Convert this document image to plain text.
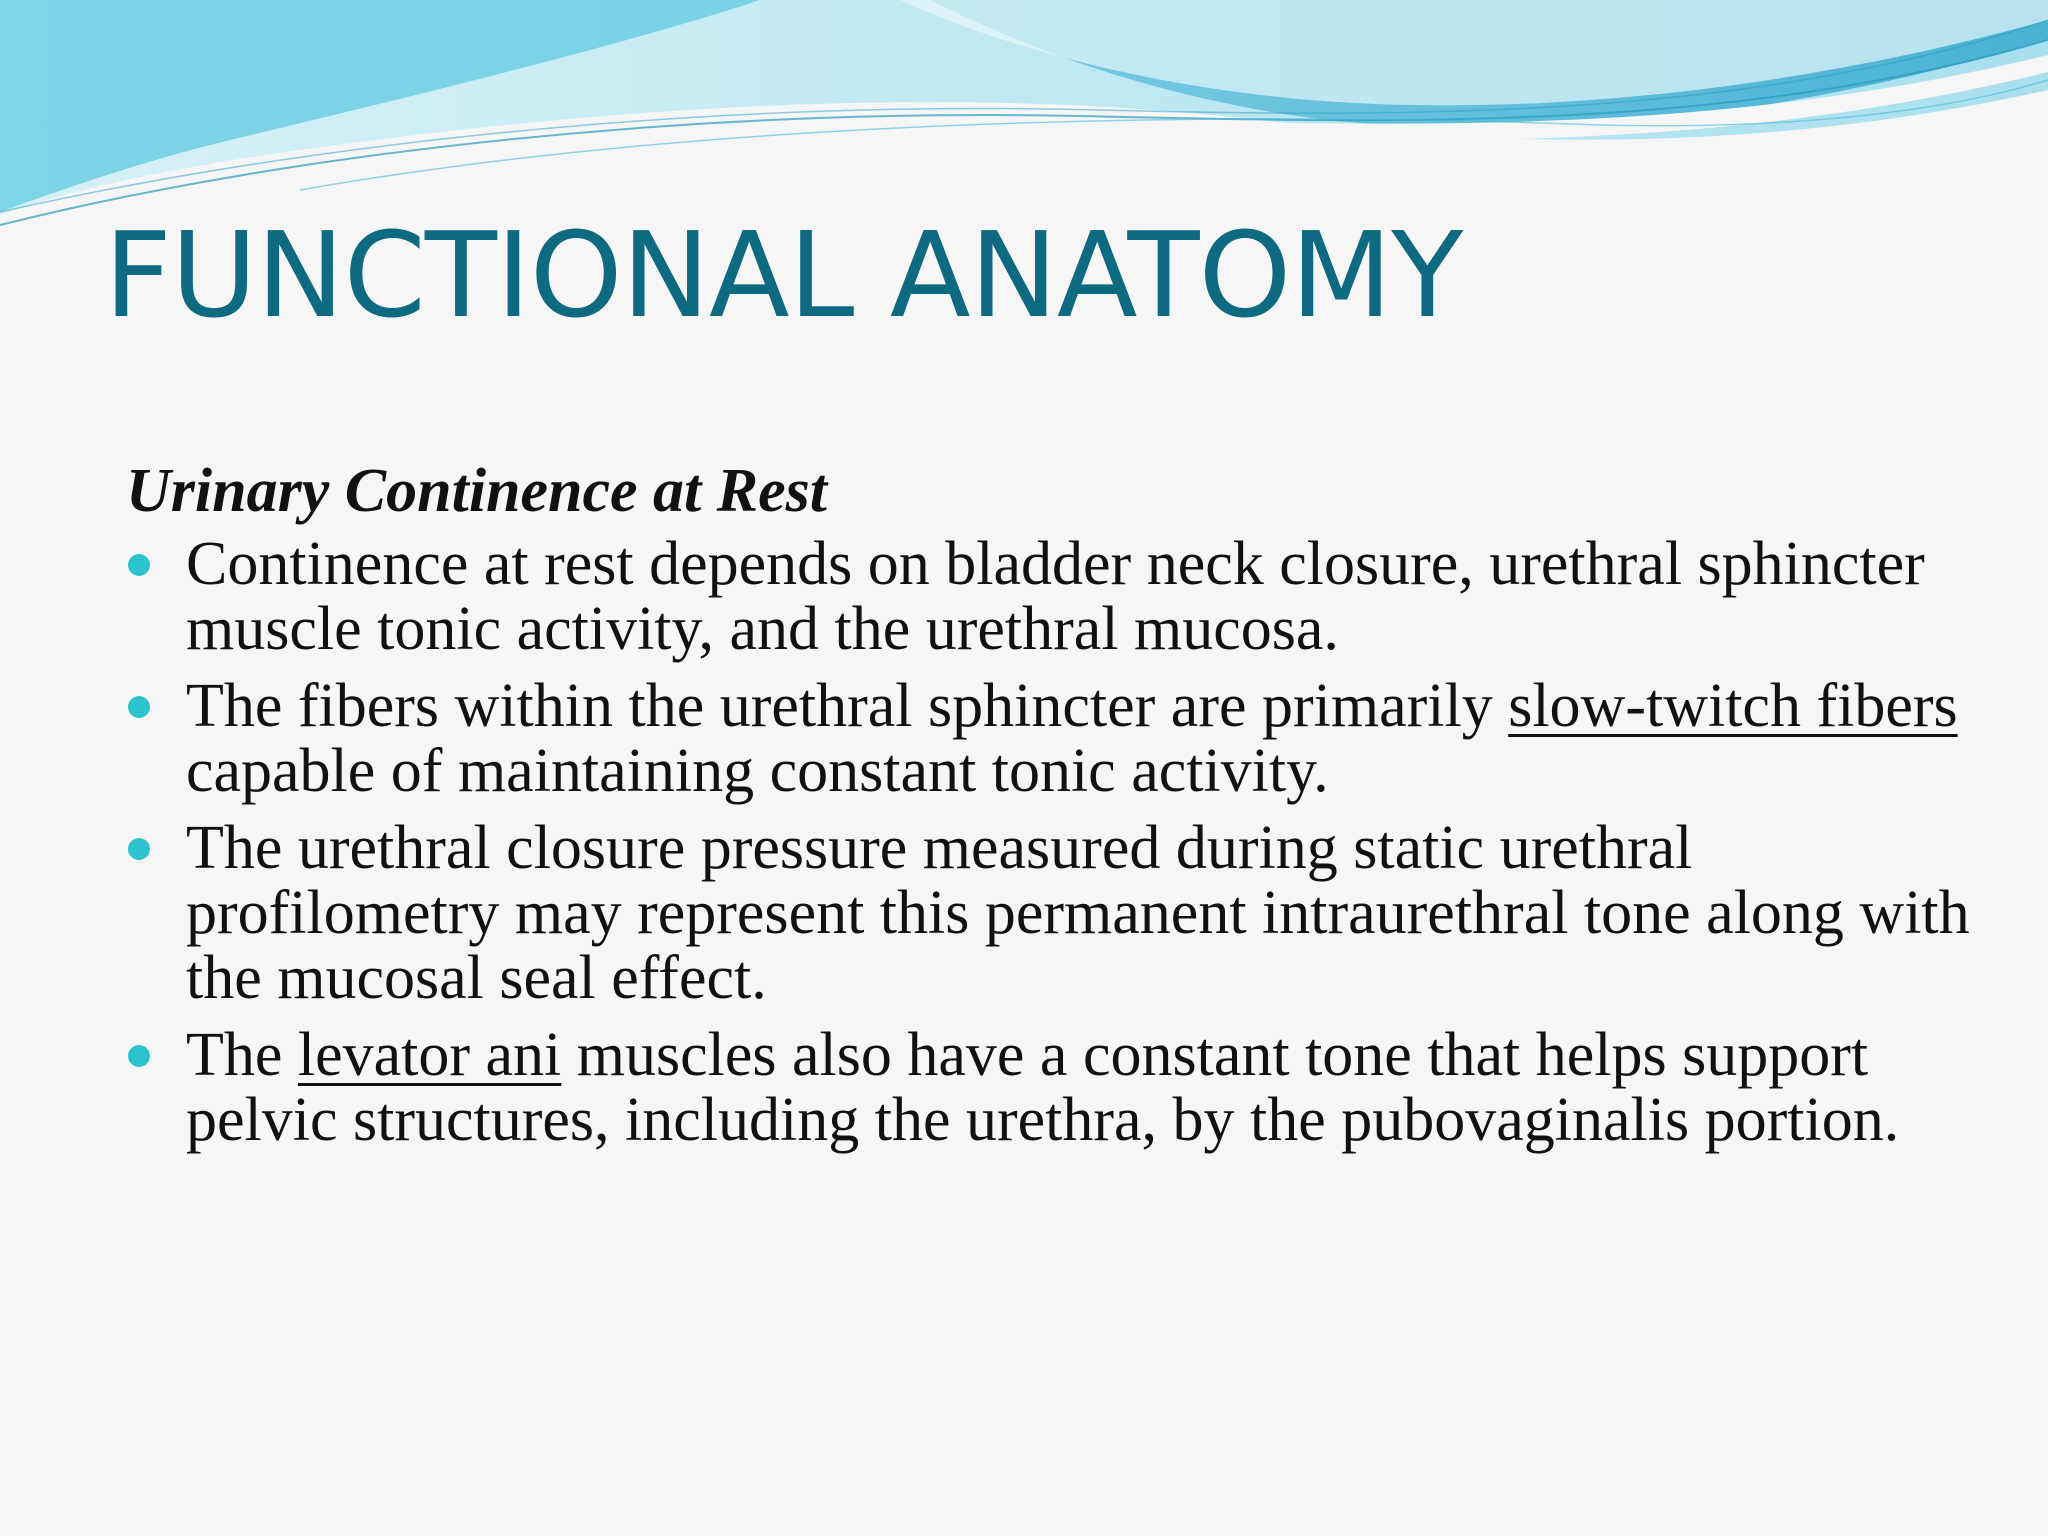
FUNCTIONAL ANATOMY
Urinary Continence at Rest
Continence at rest depends on bladder neck closure, urethral sphincter muscle tonic activity, and the urethral mucosa.
The fibers within the urethral sphincter are primarily slow-twitch fibers capable of maintaining constant tonic activity.
The urethral closure pressure measured during static urethral profilometry may represent this permanent intraurethral tone along with the mucosal seal effect.
The levator ani muscles also have a constant tone that helps support pelvic structures, including the urethra, by the pubovaginalis portion.
